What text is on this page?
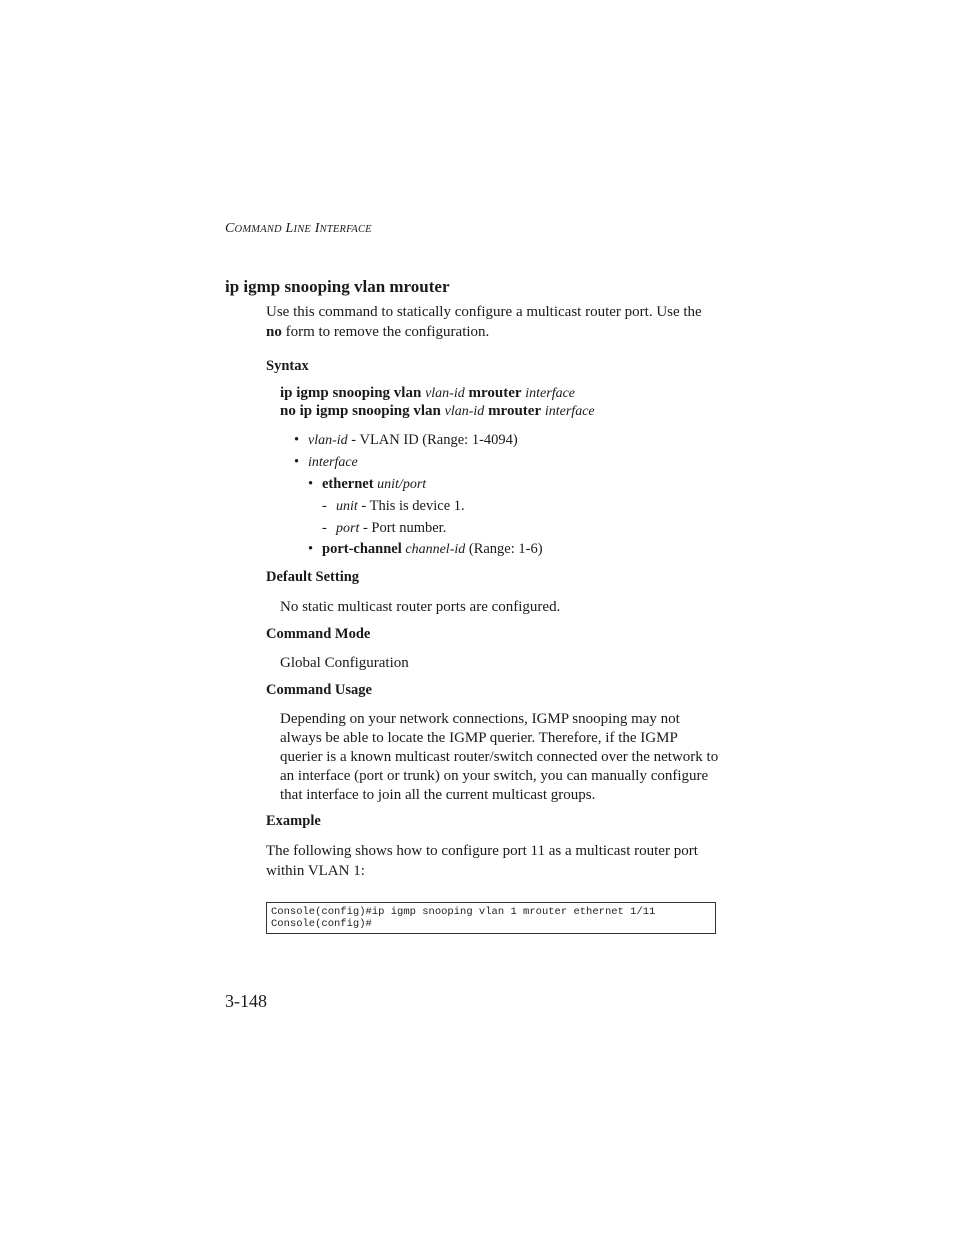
COMMAND LINE INTERFACE
ip igmp snooping vlan mrouter
Use this command to statically configure a multicast router port. Use the
no form to remove the configuration.
Syntax
ip igmp snooping vlan vlan-id mrouter interface
no ip igmp snooping vlan vlan-id mrouter interface
• vlan-id - VLAN ID (Range: 1-4094)
• interface
• ethernet unit/port
- unit - This is device 1.
- port - Port number.
• port-channel channel-id (Range: 1-6)
Default Setting
No static multicast router ports are configured.
Command Mode
Global Configuration
Command Usage
Depending on your network connections, IGMP snooping may not always be able to locate the IGMP querier. Therefore, if the IGMP querier is a known multicast router/switch connected over the network to an interface (port or trunk) on your switch, you can manually configure that interface to join all the current multicast groups.
Example
The following shows how to configure port 11 as a multicast router port
within VLAN 1:
Console(config)#ip igmp snooping vlan 1 mrouter ethernet 1/11
Console(config)#
3-148
